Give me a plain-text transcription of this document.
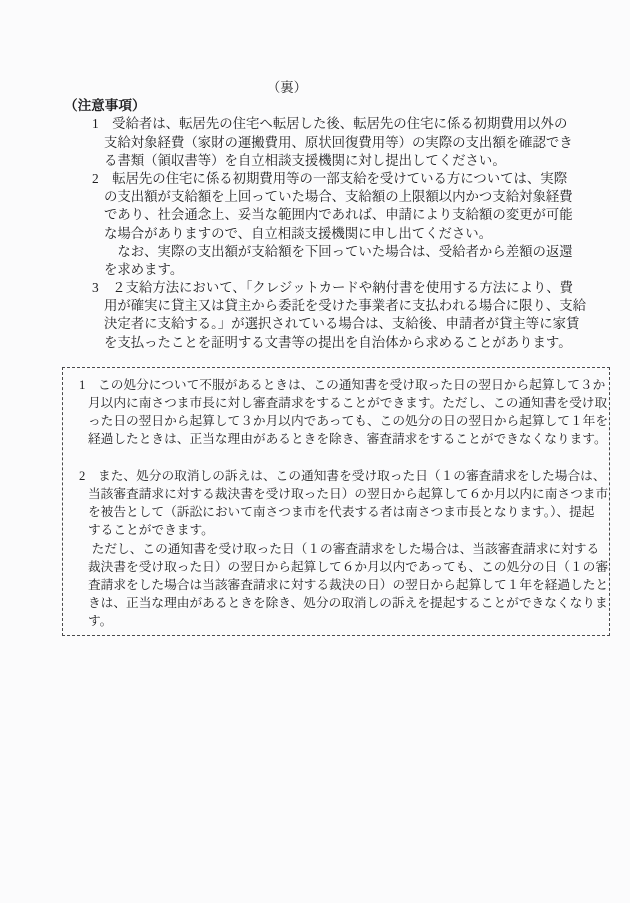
（裏）
（注意事項）
1　受給者は、転居先の住宅へ転居した後、転居先の住宅に係る初期費用以外の
支給対象経費（家財の運搬費用、原状回復費用等）の実際の支出額を確認でき
る書類（領収書等）を自立相談支援機関に対し提出してください。
2　転居先の住宅に係る初期費用等の一部支給を受けている方については、実際
の支出額が支給額を上回っていた場合、支給額の上限額以内かつ支給対象経費
であり、社会通念上、妥当な範囲内であれば、申請により支給額の変更が可能
な場合がありますので、自立相談支援機関に申し出てください。
　なお、実際の支出額が支給額を下回っていた場合は、受給者から差額の返還
を求めます。
3　２支給方法において、「クレジットカードや納付書を使用する方法により、費
用が確実に貸主又は貸主から委託を受けた事業者に支払われる場合に限り、支給
決定者に支給する。」が選択されている場合は、支給後、申請者が貸主等に家賃
を支払ったことを証明する文書等の提出を自治体から求めることがあります。
1　この処分について不服があるときは、この通知書を受け取った日の翌日から起算して３か
月以内に南さつま市長に対し審査請求をすることができます。ただし、この通知書を受け取
った日の翌日から起算して３か月以内であっても、この処分の日の翌日から起算して１年を
経過したときは、正当な理由があるときを除き、審査請求をすることができなくなります。
2　また、処分の取消しの訴えは、この通知書を受け取った日（１の審査請求をした場合は、
当該審査請求に対する裁決書を受け取った日）の翌日から起算して６か月以内に南さつま市
を被告として（訴訟において南さつま市を代表する者は南さつま市長となります。）、提起
することができます。
　ただし、この通知書を受け取った日（１の審査請求をした場合は、当該審査請求に対する
裁決書を受け取った日）の翌日から起算して６か月以内であっても、この処分の日（１の審
査請求をした場合は当該審査請求に対する裁決の日）の翌日から起算して１年を経過したと
きは、正当な理由があるときを除き、処分の取消しの訴えを提起することができなくなりま
す。
